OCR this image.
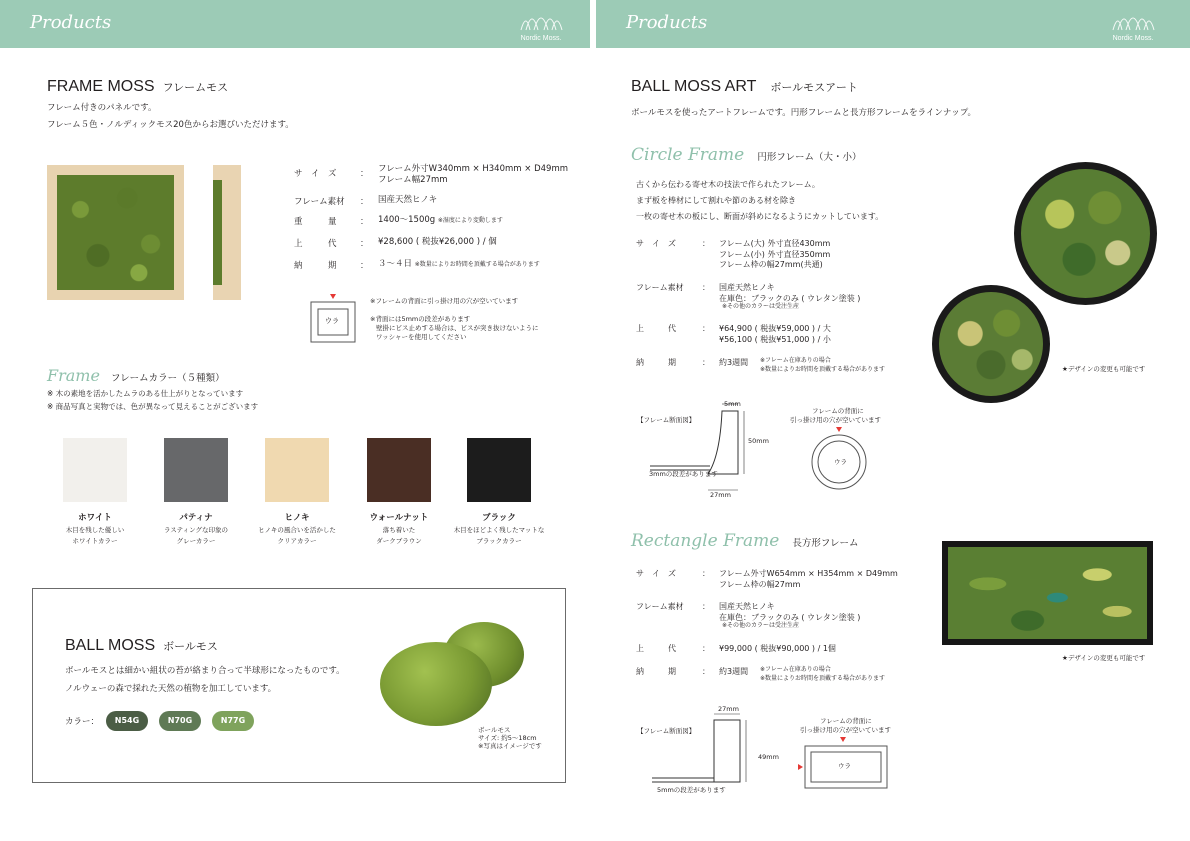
Products
Nordic Moss.
FRAME MOSS フレームモス
フレーム付きのパネルです。
フレーム５色・ノルディックモス20色からお選びいただけます。
サ　イ　ズ	： フレーム外寸W340mm × H340mm × D49mm
フレーム幅27mm
フレーム素材 ： 国産天然ヒノキ
重　　　量	： 1400～1500g ※湿度により変動します
上　　　代	： ¥28,600 ( 税抜¥26,000 ) / 個
納　　　期	： ３～４日 ※数量によりお時間を頂戴する場合があります
ウラ
※フレームの背面に引っ掛け用の穴が空いています
※背面には5mmの段差があります
壁掛にビス止めする場合は、ビスが突き抜けないように
ワッシャーを使用してください
Frame フレームカラー（５種類）
※ 木の素地を活かしたムラのある仕上がりとなっています
※ 商品写真と実物では、色が異なって見えることがございます
ホワイト
木目を残した優しい
ホワイトカラー
パティナ
ラスティングな印象の
グレーカラー
ヒノキ
ヒノキの風合いを活かした
クリアカラー
ウォールナット
落ち着いた
ダークブラウン
ブラック
木目をほどよく残したマットな
ブラックカラー
BALL MOSS ボールモス
ボールモスとは細かい組状の苔が絡まり合って半球形になったものです。
ノルウェーの森で採れた天然の植物を加工しています。
カラー：	N54G	N70G	N77G
ボールモス
サイズ: 約5～18cm
※写真はイメージです
Products
Nordic Moss.
BALL MOSS ART ボールモスアート
ボールモスを使ったアートフレームです。円形フレームと長方形フレームをラインナップ。
Circle Frame 円形フレーム（大・小）
古くから伝わる寄せ木の技法で作られたフレーム。
まず板を棒材にして割れや節のある材を除き
一枚の寄せ木の板にし、断面が斜めになるようにカットしています。
サ　イ　ズ	： フレーム(大) 外寸直径430mm
フレーム(小) 外寸直径350mm
フレーム枠の幅27mm(共通)
フレーム素材 ： 国産天然ヒノキ
在庫色：ブラックのみ ( ウレタン塗装 )
※その他のカラーは受注生産
上　　　代	： ¥64,900 ( 税抜¥59,000 ) / 大
¥56,100 ( 税抜¥51,000 ) / 小
納　　　期	： 約3週間 ※フレーム在庫ありの場合
※数量によりお時間を頂戴する場合があります	★デザインの変更も可能です
【フレーム断面図】
5mm
50mm
27mm
3mmの段差があります
フレームの背面に
引っ掛け用の穴が空いています
ウラ
Rectangle Frame 長方形フレーム
サ　イ　ズ	： フレーム外寸W654mm × H354mm × D49mm
フレーム枠の幅27mm
フレーム素材 ： 国産天然ヒノキ
在庫色：ブラックのみ ( ウレタン塗装 )
※その他のカラーは受注生産
上　　　代	： ¥99,000 ( 税抜¥90,000 ) / 1個
納　　　期	： 約3週間 ※フレーム在庫ありの場合
※数量によりお時間を頂戴する場合があります
★デザインの変更も可能です
【フレーム断面図】
27mm
49mm
5mmの段差があります
フレームの背面に
引っ掛け用の穴が空いています
ウラ
